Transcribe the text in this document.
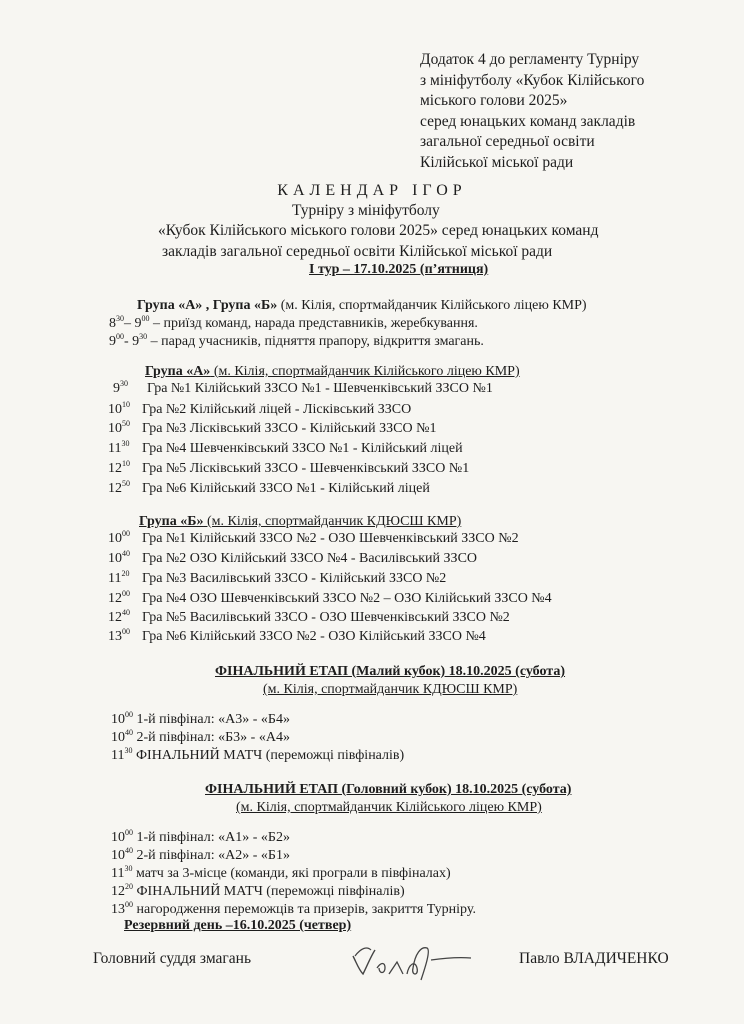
Додаток 4 до регламенту Турніру
з мініфутболу «Кубок Кілійського
міського голови 2025»
серед юнацьких команд закладів
загальної середньої освіти
Кілійської міської ради
КАЛЕНДАР ІГОР
Турніру з мініфутболу
«Кубок Кілійського міського голови 2025» серед юнацьких команд
закладів загальної середньої освіти Кілійської міської ради
І тур – 17.10.2025 (п’ятниця)
Група «А» , Група «Б» (м. Кілія, спортмайданчик Кілійського ліцею КМР)
$8^{30}-$ $9^{00}$ – приїзд команд, нарада представників, жеребкування.
$9^{00}-$ $9^{30}$ – парад учасників, підняття прапору, відкриття змагань.
Група «А» (м. Кілія, спортмайданчик Кілійського ліцею КМР)
$9^{30}$ Гра №1 Кілійський ЗЗСО №1 - Шевченківський ЗЗСО №1
$10^{10}$ Гра №2 Кілійський ліцей - Лісківський ЗЗСО
$10^{50}$ Гра №3 Лісківський ЗЗСО - Кілійський ЗЗСО №1
$11^{30}$ Гра №4 Шевченківський ЗЗСО №1 - Кілійський ліцей
$12^{10}$ Гра №5 Лісківський ЗЗСО - Шевченківський ЗЗСО №1
$12^{50}$ Гра №6 Кілійський ЗЗСО №1 - Кілійський ліцей
Група «Б» (м. Кілія, спортмайданчик КДЮСШ КМР)
$10^{00}$ Гра №1 Кілійський ЗЗСО №2 - ОЗО Шевченківський ЗЗСО №2
$10^{40}$ Гра №2 ОЗО Кілійський ЗЗСО №4 - Василівський ЗЗСО
$11^{20}$ Гра №3 Василівський ЗЗСО - Кілійський ЗЗСО №2
$12^{00}$ Гра №4 ОЗО Шевченківський ЗЗСО №2 – ОЗО Кілійський ЗЗСО №4
$12^{40}$ Гра №5 Василівський ЗЗСО - ОЗО Шевченківський ЗЗСО №2
$13^{00}$ Гра №6 Кілійський ЗЗСО №2 - ОЗО Кілійський ЗЗСО №4
ФІНАЛЬНИЙ ЕТАП (Малий кубок) 18.10.2025 (субота)
(м. Кілія, спортмайданчик КДЮСШ КМР)
$10^{00}$ 1-й півфінал: «А3» - «Б4»
$10^{40}$ 2-й півфінал: «Б3» - «А4»
$11^{30}$ ФІНАЛЬНИЙ МАТЧ (переможці півфіналів)
ФІНАЛЬНИЙ ЕТАП (Головний кубок) 18.10.2025 (субота)
(м. Кілія, спортмайданчик Кілійського ліцею КМР)
$10^{00}$ 1-й півфінал: «А1» - «Б2»
$10^{40}$ 2-й півфінал: «А2» - «Б1»
$11^{30}$ матч за 3-місце (команди, які програли в півфіналах)
$12^{20}$ ФІНАЛЬНИЙ МАТЧ (переможці півфіналів)
$13^{00}$ нагородження переможців та призерів, закриття Турніру.
Резервний день –16.10.2025 (четвер)
Головний суддя змагань	Павло ВЛАДИЧЕНКО
